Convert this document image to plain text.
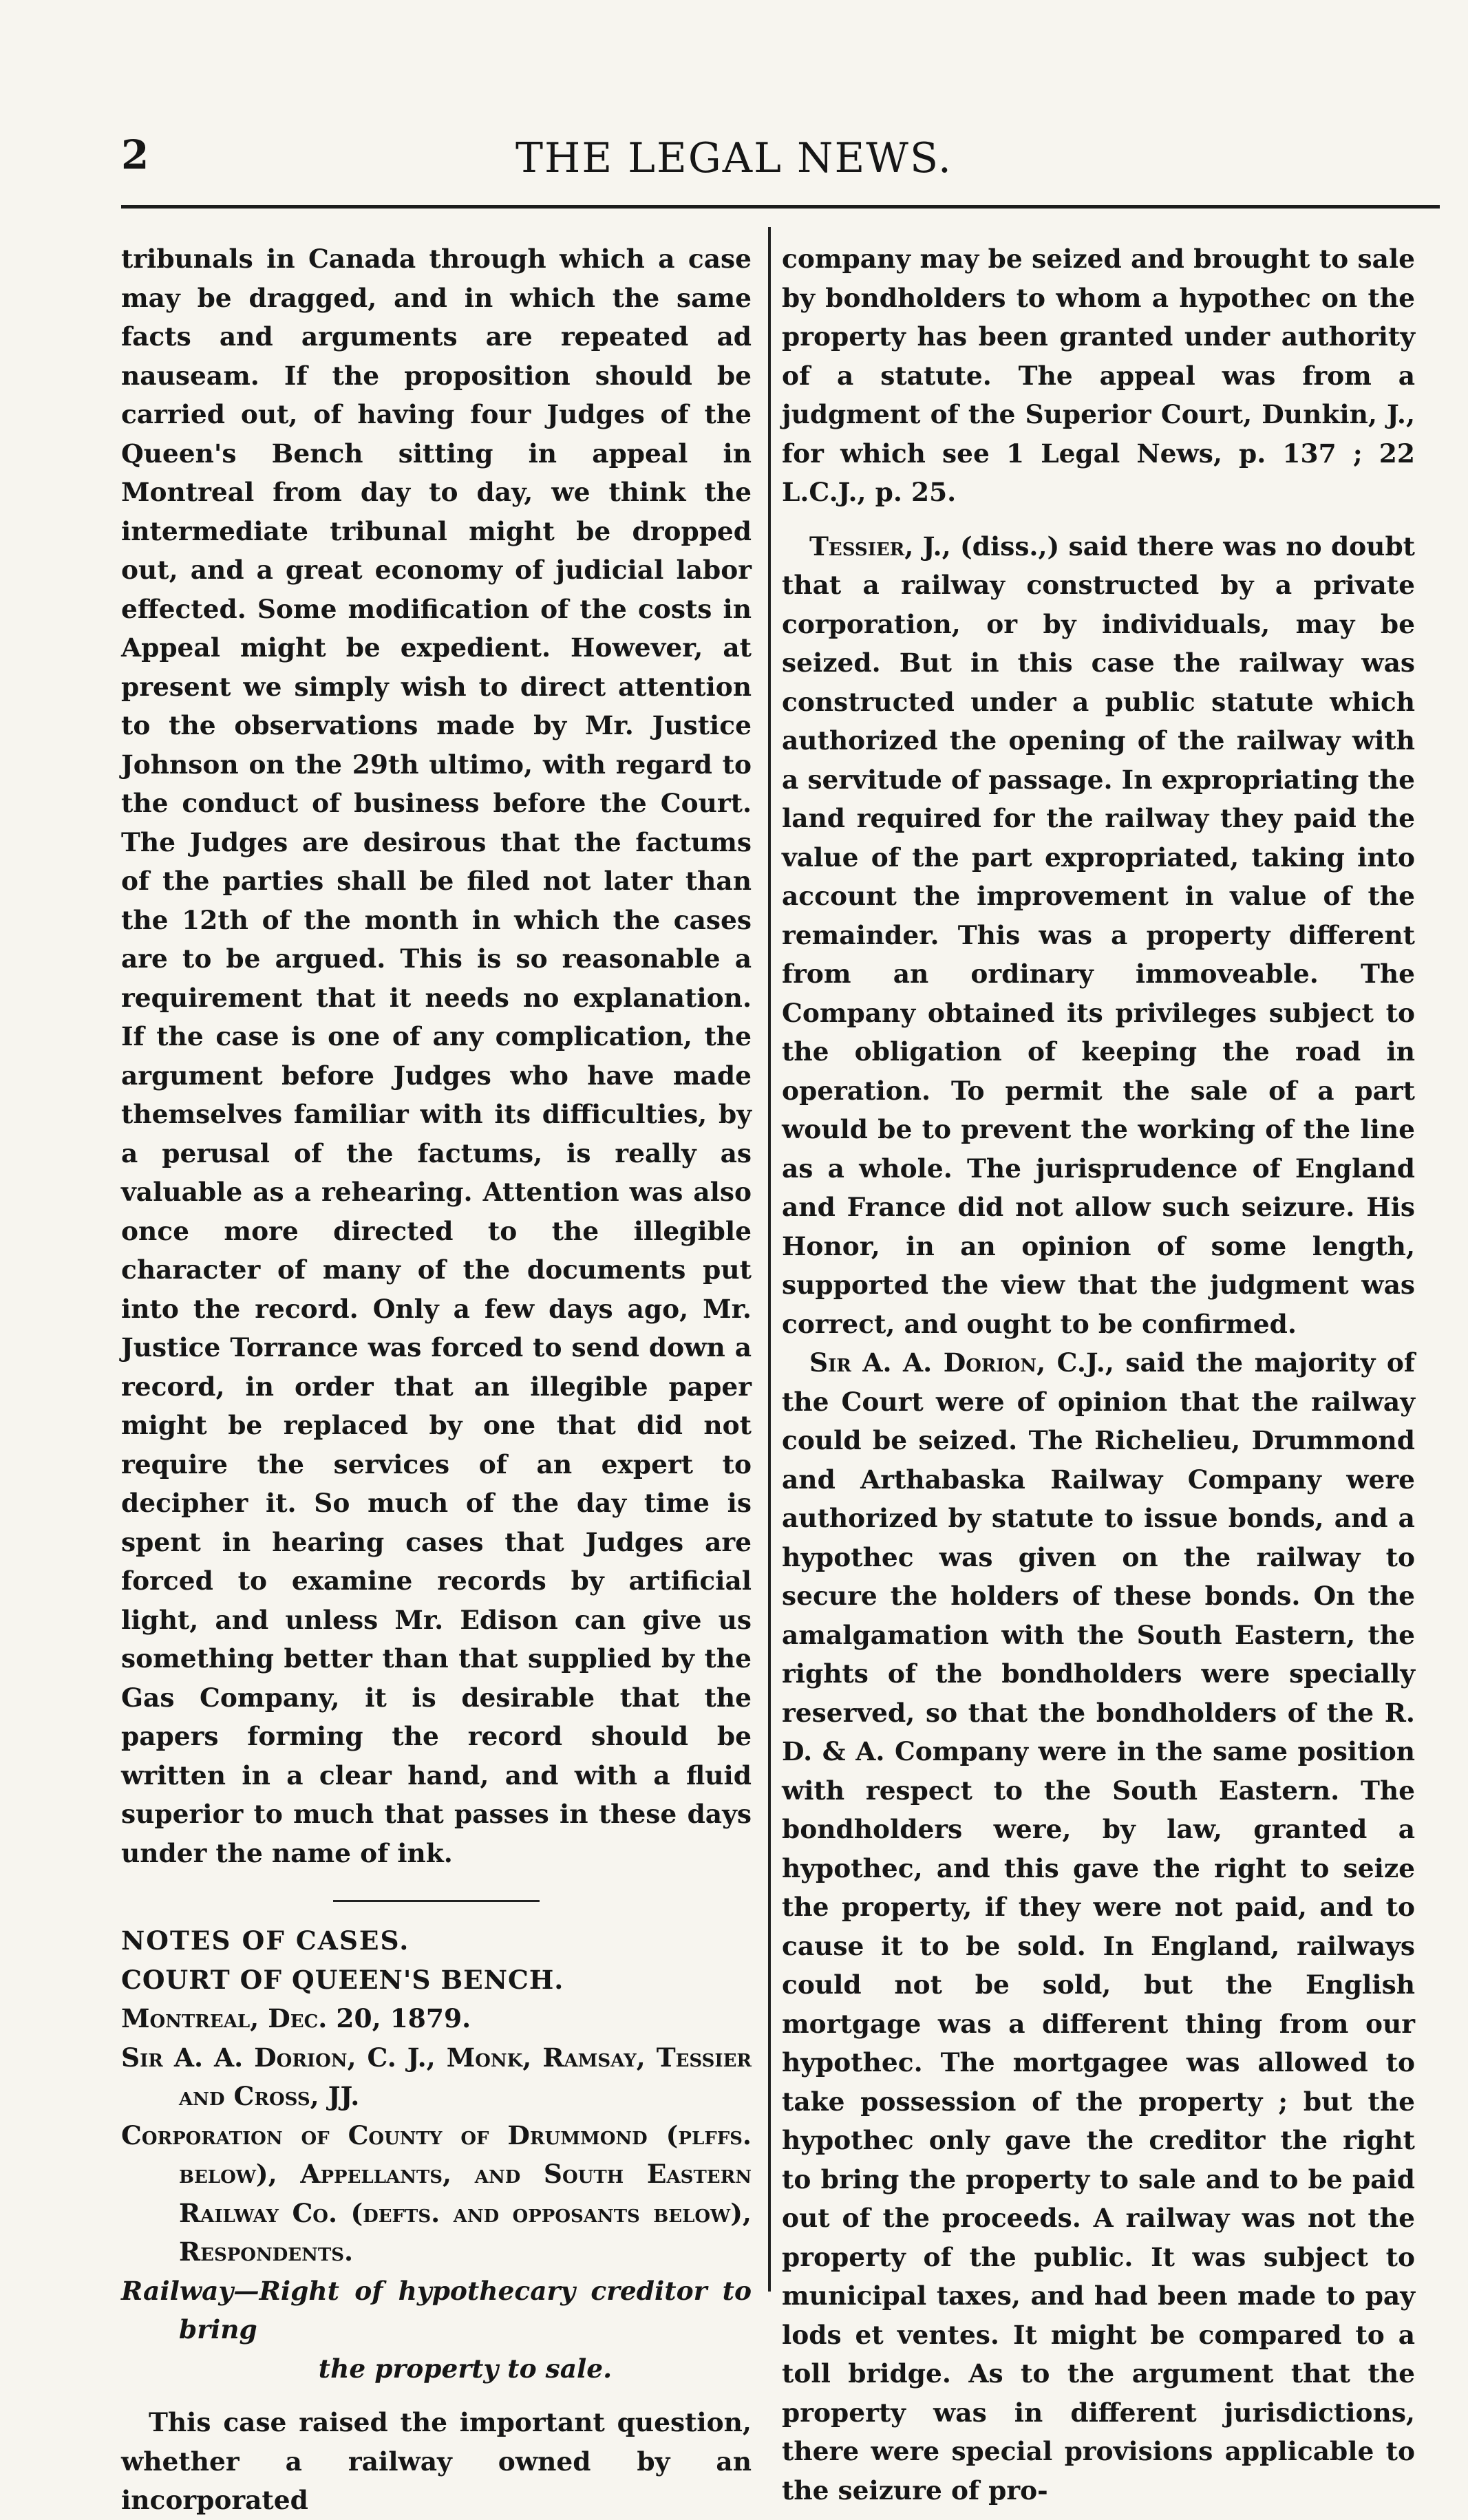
2	THE LEGAL NEWS.

tribunals in Canada through which a case may be dragged, and in which the same facts and arguments are repeated ad nauseam. If the proposition should be carried out, of having four Judges of the Queen's Bench sitting in appeal in Montreal from day to day, we think the intermediate tribunal might be dropped out, and a great economy of judicial labor effected. Some modification of the costs in Appeal might be expedient. However, at present we simply wish to direct attention to the observations made by Mr. Justice Johnson on the 29th ultimo, with regard to the conduct of business before the Court. The Judges are desirous that the factums of the parties shall be filed not later than the 12th of the month in which the cases are to be argued. This is so reasonable a requirement that it needs no explanation. If the case is one of any complication, the argument before Judges who have made themselves familiar with its difficulties, by a perusal of the factums, is really as valuable as a rehearing. Attention was also once more directed to the illegible character of many of the documents put into the record. Only a few days ago, Mr. Justice Torrance was forced to send down a record, in order that an illegible paper might be replaced by one that did not require the services of an expert to decipher it. So much of the day time is spent in hearing cases that Judges are forced to examine records by artificial light, and unless Mr. Edison can give us something better than that supplied by the Gas Company, it is desirable that the papers forming the record should be written in a clear hand, and with a fluid superior to much that passes in these days under the name of ink.

NOTES OF CASES.

COURT OF QUEEN'S BENCH.

Montreal, Dec. 20, 1879.

Sir A. A. Dorion, C. J., Monk, Ramsay, Tessier and Cross, JJ.

Corporation of County of Drummond (plffs. below), Appellants, and South Eastern Railway Co. (defts. and opposants below), Respondents.

Railway—Right of hypothecary creditor to bring
the property to sale.

This case raised the important question, whether a railway owned by an incorporated

company may be seized and brought to sale by bondholders to whom a hypothec on the property has been granted under authority of a statute. The appeal was from a judgment of the Superior Court, Dunkin, J., for which see 1 Legal News, p. 137 ; 22 L.C.J., p. 25.

Tessier, J., (diss.,) said there was no doubt that a railway constructed by a private corporation, or by individuals, may be seized. But in this case the railway was constructed under a public statute which authorized the opening of the railway with a servitude of passage. In expropriating the land required for the railway they paid the value of the part expropriated, taking into account the improvement in value of the remainder. This was a property different from an ordinary immoveable. The Company obtained its privileges subject to the obligation of keeping the road in operation. To permit the sale of a part would be to prevent the working of the line as a whole. The jurisprudence of England and France did not allow such seizure. His Honor, in an opinion of some length, supported the view that the judgment was correct, and ought to be confirmed.

Sir A. A. Dorion, C.J., said the majority of the Court were of opinion that the railway could be seized. The Richelieu, Drummond and Arthabaska Railway Company were authorized by statute to issue bonds, and a hypothec was given on the railway to secure the holders of these bonds. On the amalgamation with the South Eastern, the rights of the bondholders were specially reserved, so that the bondholders of the R. D. & A. Company were in the same position with respect to the South Eastern. The bondholders were, by law, granted a hypothec, and this gave the right to seize the property, if they were not paid, and to cause it to be sold. In England, railways could not be sold, but the English mortgage was a different thing from our hypothec. The mortgagee was allowed to take possession of the property ; but the hypothec only gave the creditor the right to bring the property to sale and to be paid out of the proceeds. A railway was not the property of the public. It was subject to municipal taxes, and had been made to pay lods et ventes. It might be compared to a toll bridge. As to the argument that the property was in different jurisdictions, there were special provisions applicable to the seizure of pro-
